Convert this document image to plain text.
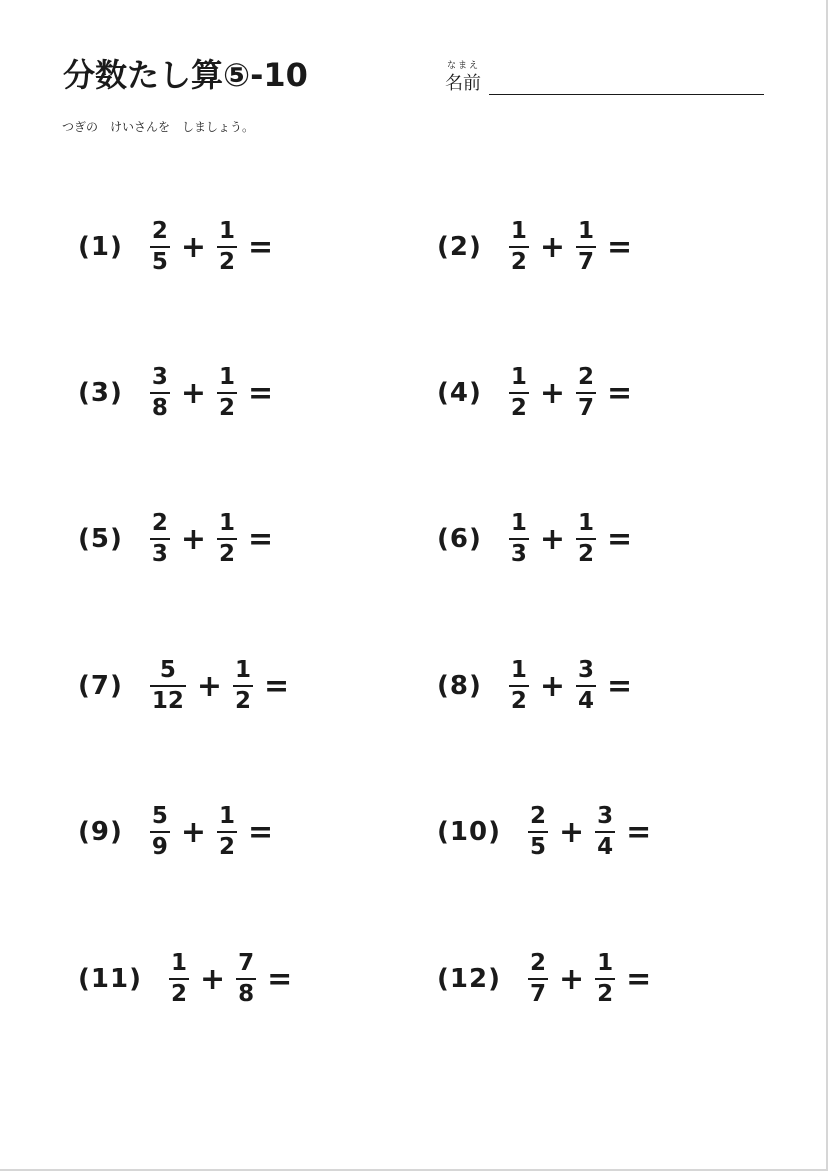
分数たし算⑤-10	なまえ
名前
つぎの　けいさんを　しましょう。
$(1) \frac{2}{5} + \frac{1}{2}$ =	$(2) \frac{1}{2} + \frac{1}{7}$ =
$(3) \frac{3}{8} + \frac{1}{2}$ =	$(4) \frac{1}{2} + \frac{2}{7}$ =
$(5) \frac{2}{3} + \frac{1}{2}$ =	$(6) \frac{1}{3} + \frac{1}{2}$ =
$(7) \frac{5}{12} + \frac{1}{2}$ =	$(8) \frac{1}{2} + \frac{3}{4}$ =
$(9) \frac{5}{9} + \frac{1}{2}$ =	$(10) \frac{2}{5} + \frac{3}{4}$ =
$(11) \frac{1}{2} + \frac{7}{8}$ =	$(12) \frac{2}{7} + \frac{1}{2}$ =
